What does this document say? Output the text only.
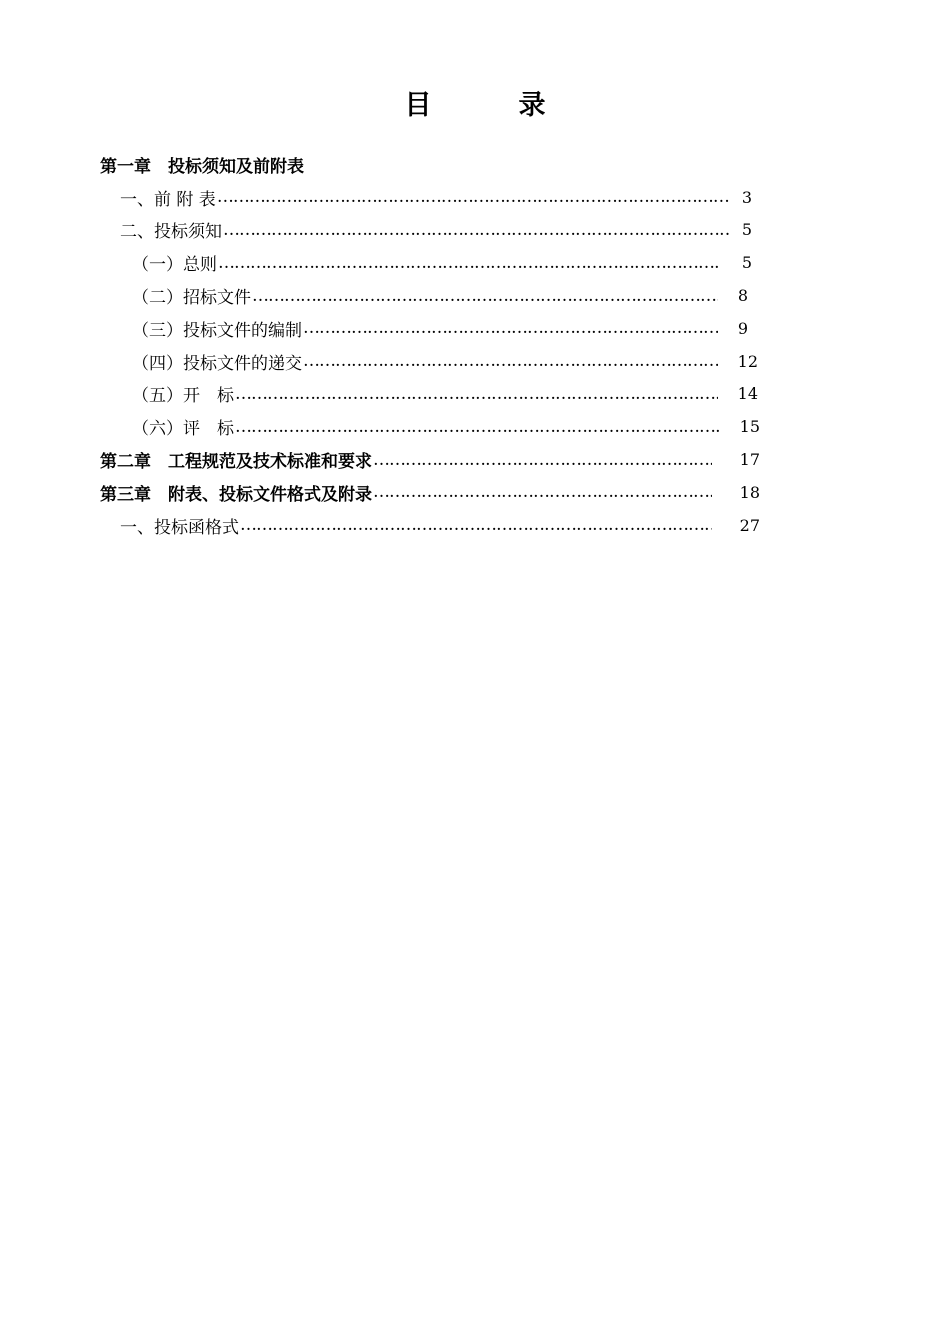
目　录
第一章　投标须知及前附表
一、前 附 表 ……………………………………………………………………………………………………………………………………………………………………………………………………	3
二、投标须知 ……………………………………………………………………………………………………………………………………………………………………………………………………	5
（一）总则 ……………………………………………………………………………………………………………………………………………………………………………………………………	5
（二）招标文件 ……………………………………………………………………………………………………………………………………………………………………………………………………	8
（三）投标文件的编制 ……………………………………………………………………………………………………………………………………………………………………………………………………	9
（四）投标文件的递交 ……………………………………………………………………………………………………………………………………………………………………………………………………	12
（五）开　标 ……………………………………………………………………………………………………………………………………………………………………………………………………	14
（六）评　标 ……………………………………………………………………………………………………………………………………………………………………………………………………	15
第二章　工程规范及技术标准和要求 ……………………………………………………………………………………………………………………………………………………………………………………………………	17
第三章　附表、投标文件格式及附录 ……………………………………………………………………………………………………………………………………………………………………………………………………	18
一、投标函格式 ……………………………………………………………………………………………………………………………………………………………………………………………………	27
